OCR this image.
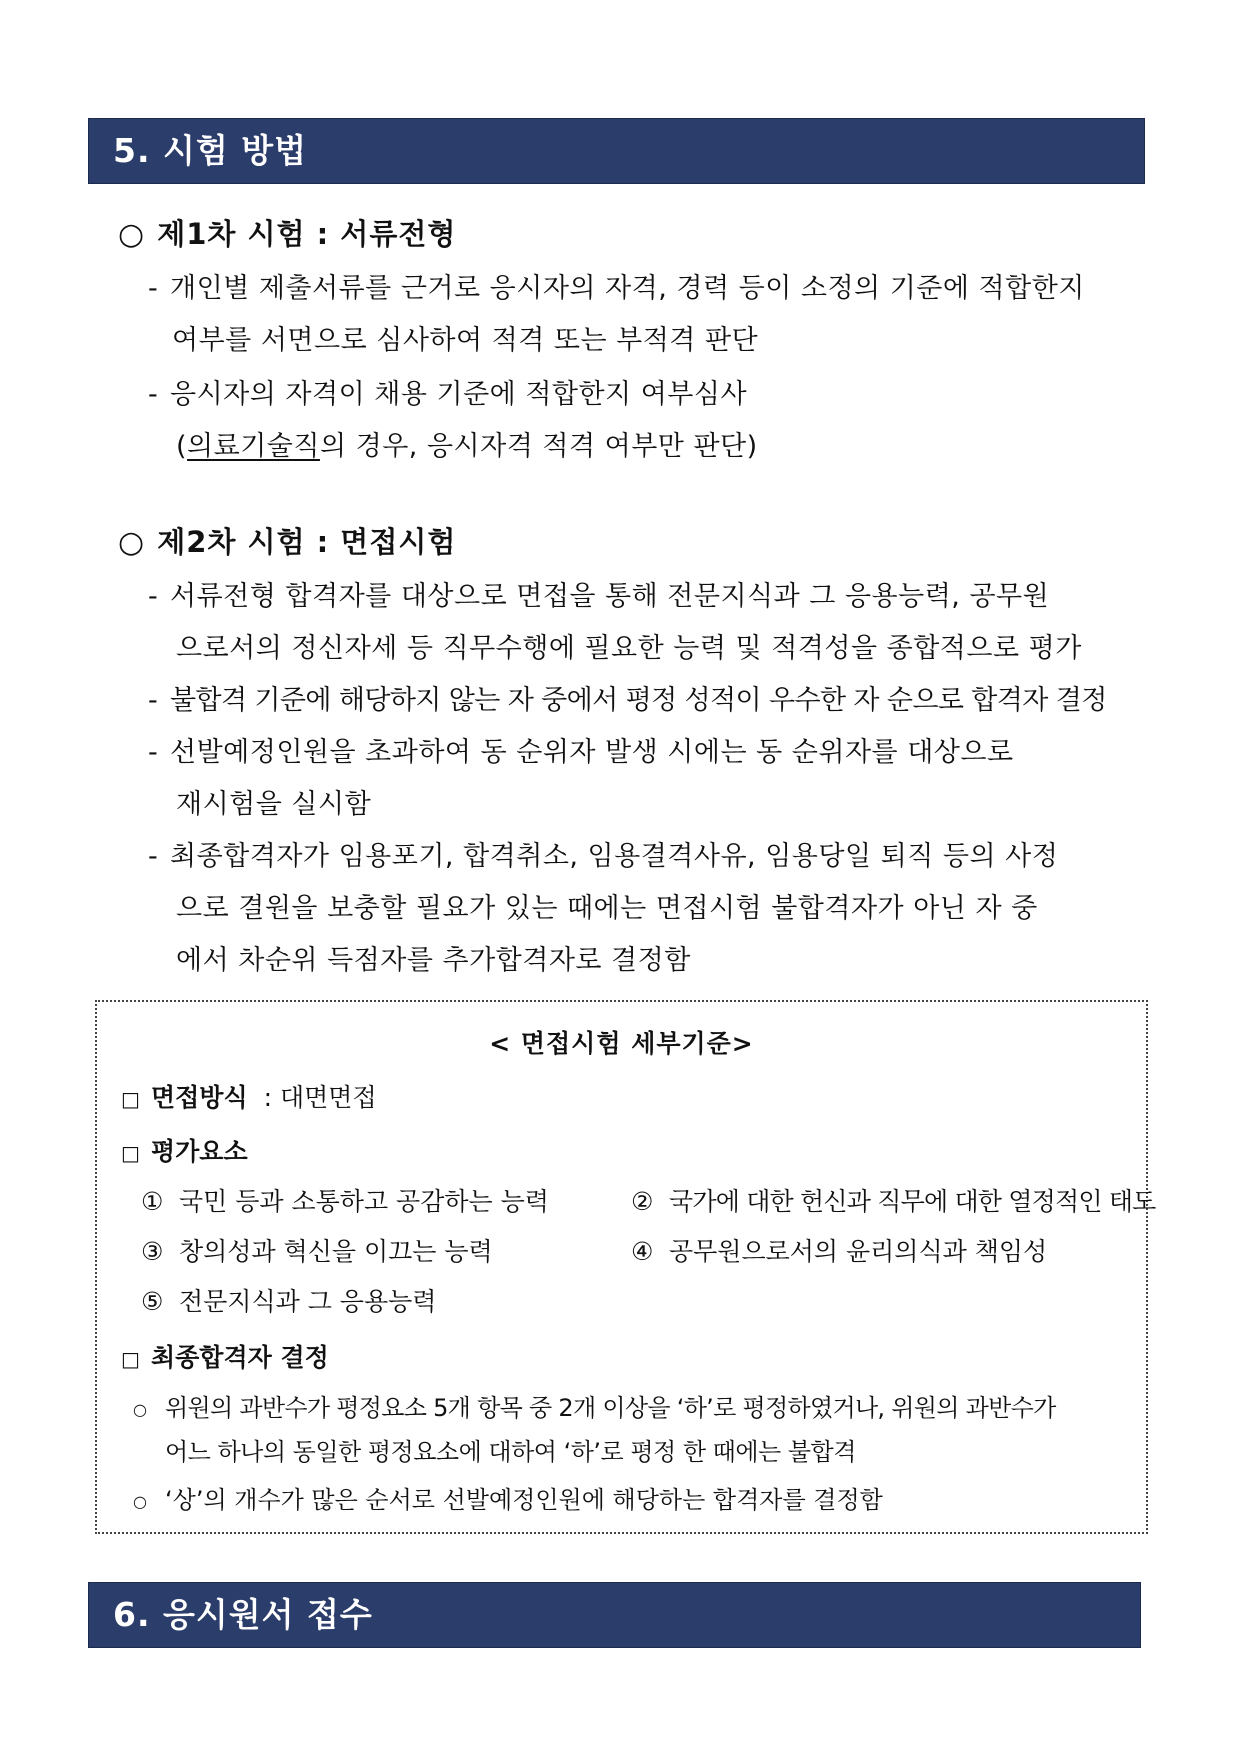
5. 시험 방법
○ 제1차 시험 : 서류전형
- 개인별 제출서류를 근거로 응시자의 자격, 경력 등이 소정의 기준에 적합한지
여부를 서면으로 심사하여 적격 또는 부적격 판단
- 응시자의 자격이 채용 기준에 적합한지 여부심사
(의료기술직의 경우, 응시자격 적격 여부만 판단)
○ 제2차 시험 : 면접시험
- 서류전형 합격자를 대상으로 면접을 통해 전문지식과 그 응용능력, 공무원
으로서의 정신자세 등 직무수행에 필요한 능력 및 적격성을 종합적으로 평가
- 불합격 기준에 해당하지 않는 자 중에서 평정 성적이 우수한 자 순으로 합격자 결정
- 선발예정인원을 초과하여 동 순위자 발생 시에는 동 순위자를 대상으로
재시험을 실시함
- 최종합격자가 임용포기, 합격취소, 임용결격사유, 임용당일 퇴직 등의 사정
으로 결원을 보충할 필요가 있는 때에는 면접시험 불합격자가 아닌 자 중
에서 차순위 득점자를 추가합격자로 결정함
< 면접시험 세부기준>
□ 면접방식 : 대면면접
□ 평가요소
① 국민 등과 소통하고 공감하는 능력	② 국가에 대한 헌신과 직무에 대한 열정적인 태도
③ 창의성과 혁신을 이끄는 능력	④ 공무원으로서의 윤리의식과 책임성
⑤ 전문지식과 그 응용능력
□ 최종합격자 결정
○ 위원의 과반수가 평정요소 5개 항목 중 2개 이상을 ‘하’로 평정하였거나, 위원의 과반수가
어느 하나의 동일한 평정요소에 대하여 ‘하’로 평정 한 때에는 불합격
○ ‘상’의 개수가 많은 순서로 선발예정인원에 해당하는 합격자를 결정함
6. 응시원서 접수
